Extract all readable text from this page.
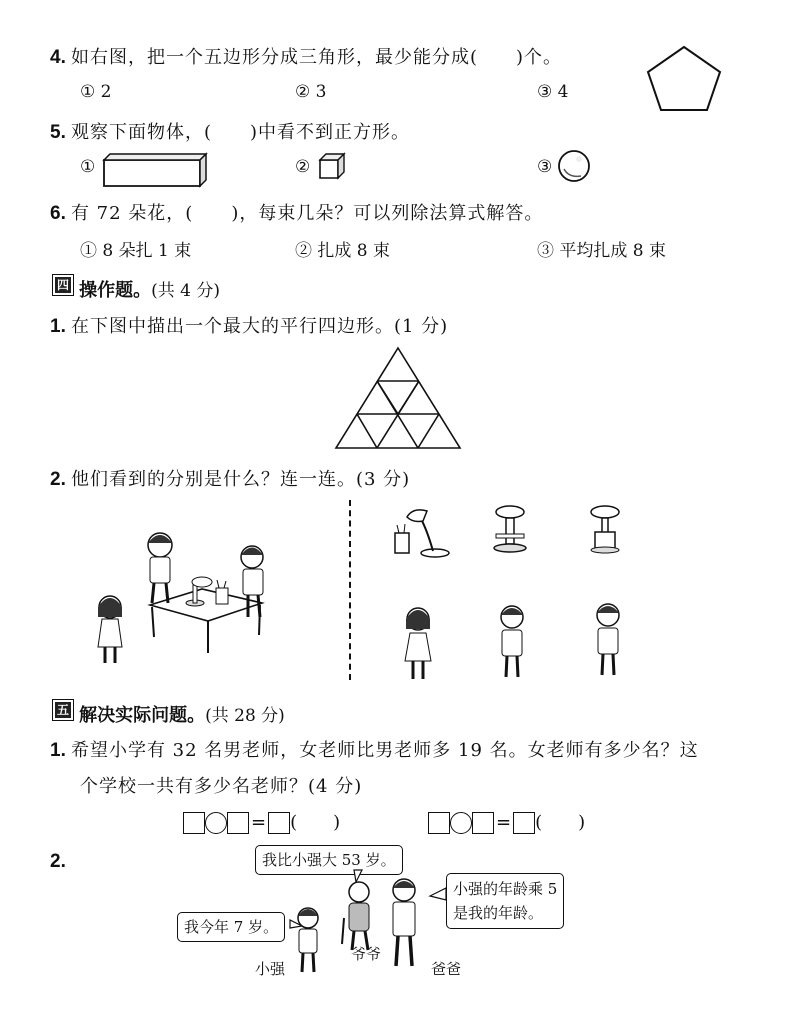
4. 如右图，把一个五边形分成三角形，最少能分成(　　)个。
① 2	② 3	③ 4
5. 观察下面物体，(　　)中看不到正方形。
①	②	③
6. 有 72 朵花，(　　)，每束几朵？可以列除法算式解答。
① 8 朵扎 1 束	② 扎成 8 束	③ 平均扎成 8 束
四 操作题。(共 4 分)
1. 在下图中描出一个最大的平行四边形。(1 分)
2. 他们看到的分别是什么？连一连。(3 分)
五 解决实际问题。(共 28 分)
1. 希望小学有 32 名男老师，女老师比男老师多 19 名。女老师有多少名？这
个学校一共有多少名老师？(4 分)
= (　　)	= (　　)
2.	我比小强大 53 岁。
小强的年龄乘 5
是我的年龄。
我今年 7 岁。
小强
爷爷
爸爸
